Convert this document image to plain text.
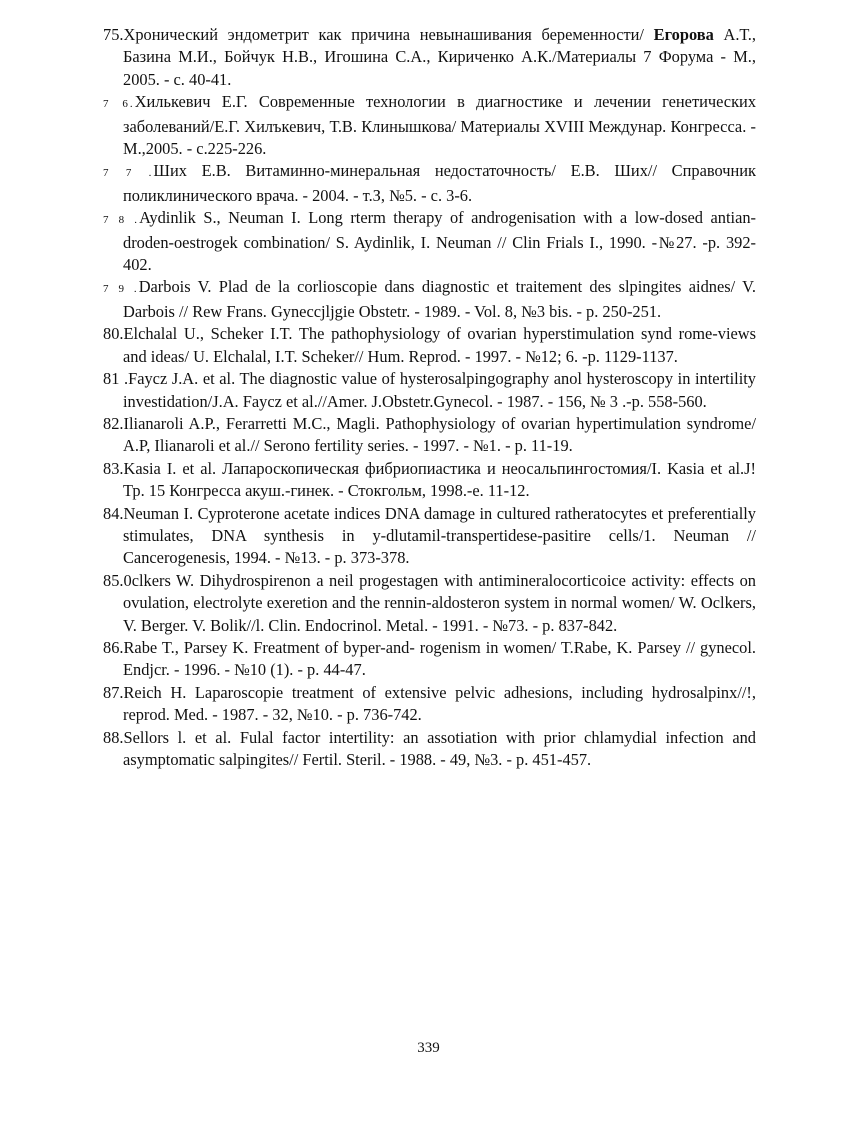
75.Хронический эндометрит как причина невынашивания беременности/ Егорова А.Т., Базина М.И., Бойчук Н.В., Игошина С.А., Кириченко А.К./Материалы 7 Форума - М., 2005. - с. 40-41.
7 6.Хилькевич Е.Г. Современные технологии в диагностике и лечении генетических заболеваний/Е.Г. Хилъкевич, Т.В. Клинышкова/ Материалы XVIII Междунар. Конгресса. - М.,2005. - с.225-226.
7 7 .Ших Е.В. Витаминно-минеральная недостаточность/ Е.В. Ших// Справочник поликлинического врача. - 2004. - т.З, №5. - с. 3-6.
7 8 .Aydinlik S., Neuman I. Long rterm therapy of androgenisation with a low-dosed antian-droden-oestrogek combination/ S. Aydinlik, I. Neuman // Clin Frials I., 1990. -№27. -р. 392-402.
7 9 .Darbois V. Plad de la corlioscopie dans diagnostic et traitement des slpingites aidnes/ V. Darbois // Rew Frans. Gyneccjljgie Obstetr. - 1989. - Vol. 8, №3 bis. - p. 250-251.
80.Elchalal U., Scheker I.T. The pathophysiology of ovarian hyperstimulation synd rome-views and ideas/ U. Elchalal, I.T. Scheker// Hum. Reprod. - 1997. - №12; 6. -р. 1129-1137.
81 .Faycz J.A. et al. The diagnostic value of hysterosalpingography anol hysteroscopy in intertility investidation/J.A. Faycz et al.//Amer. J.Obstetr.Gynecol. - 1987. - 156, № 3 .-p. 558-560.
82.Ilianaroli A.P., Ferarretti M.C., Magli. Pathophysiology of ovarian hypertimulation syndrome/ A.P, Ilianaroli et al.// Serono fertility series. - 1997. - №1. - p. 11-19.
83.Kasia I. et al. Лапароскопическая фибриопиастика и неосальпингостомия/I. Kasia et al.J! Тр. 15 Конгресса акуш.-гинек. - Стокгольм, 1998.-е. 11-12.
84.Neuman I. Cyproterone acetate indices DNA damage in cultured ratheratocytes et preferentially stimulates, DNA synthesis in y-dlutamil-transpertidese-pasitire cells/1. Neuman // Cancerogenesis, 1994. - №13. - p. 373-378.
85.0clkers W. Dihydrospirenon a neil progestagen with antimineralocorticoice activity: effects on ovulation, electrolyte exeretion and the rennin-aldosteron system in normal women/ W. Oclkers, V. Berger. V. Bolik//l. Clin. Endocrinol. Metal. - 1991. - №73. - p. 837-842.
86.Rabe T., Parsey K. Freatment of byper-and- rogenism in women/ T.Rabe, K. Parsey // gynecol. Endjcr. - 1996. - №10 (1). - p. 44-47.
87.Reich H. Laparoscopie treatment of extensive pelvic adhesions, including hydrosalpinx//!, reprod. Med. - 1987. - 32, №10. - p. 736-742.
88.Sellors l. et al. Fulal factor intertility: an assotiation with prior chlamydial infection and asymptomatic salpingites// Fertil. Steril. - 1988. - 49, №3. - p. 451-457.
339
